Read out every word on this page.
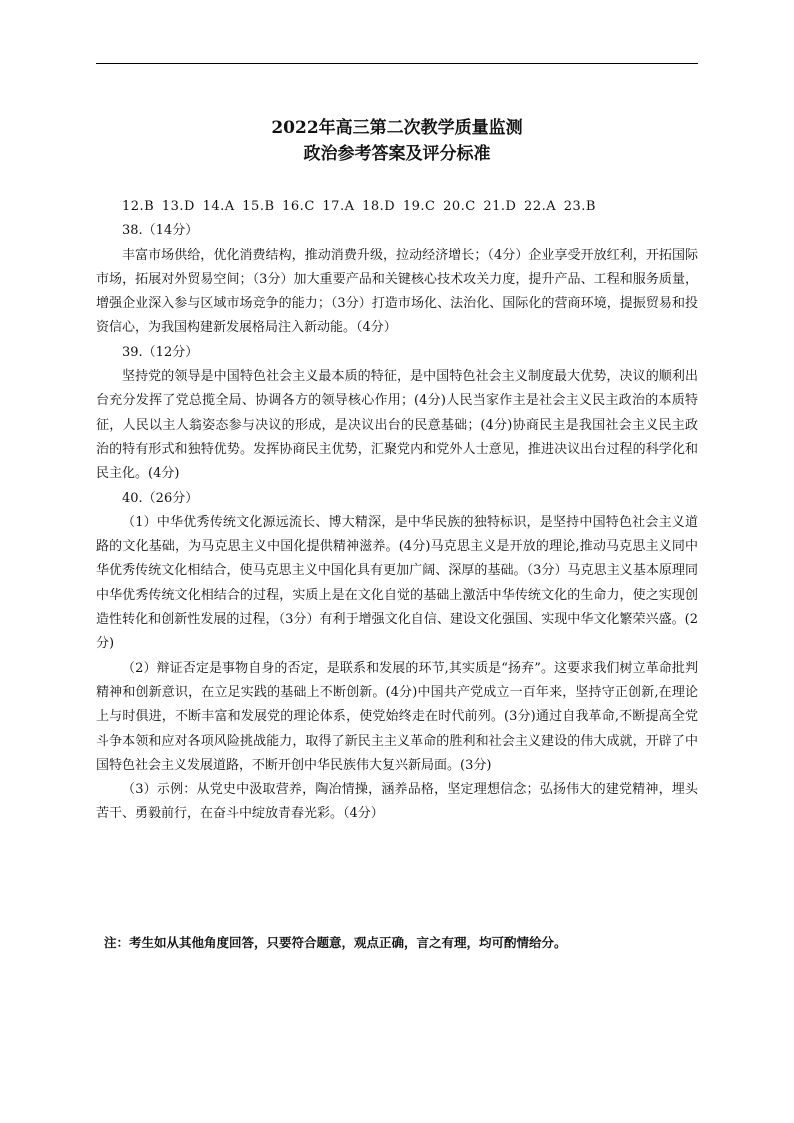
2022年高三第二次教学质量监测
政治参考答案及评分标准

12.B 13.D 14.A 15.B 16.C 17.A 18.D 19.C 20.C 21.D 22.A 23.B

38.（14分）

丰富市场供给，优化消费结构，推动消费升级，拉动经济增长；（4分）企业享受开放红利，开拓国际市场，拓展对外贸易空间；（3分）加大重要产品和关键核心技术攻关力度，提升产品、工程和服务质量，增强企业深入参与区域市场竞争的能力；（3分）打造市场化、法治化、国际化的营商环境，提振贸易和投资信心，为我国构建新发展格局注入新动能。（4分）

39.（12分）

坚持党的领导是中国特色社会主义最本质的特征，是中国特色社会主义制度最大优势，决议的顺利出台充分发挥了党总揽全局、协调各方的领导核心作用；(4分)人民当家作主是社会主义民主政治的本质特征，人民以主人翁姿态参与决议的形成，是决议出台的民意基础；(4分)协商民主是我国社会主义民主政治的特有形式和独特优势。发挥协商民主优势，汇聚党内和党外人士意见，推进决议出台过程的科学化和民主化。(4分)

40.（26分）

（1）中华优秀传统文化源远流长、博大精深，是中华民族的独特标识，是坚持中国特色社会主义道路的文化基础，为马克思主义中国化提供精神滋养。(4分)马克思主义是开放的理论,推动马克思主义同中华优秀传统文化相结合，使马克思主义中国化具有更加广阔、深厚的基础。（3分）马克思主义基本原理同中华优秀传统文化相结合的过程，实质上是在文化自觉的基础上激活中华传统文化的生命力，使之实现创造性转化和创新性发展的过程，（3分）有利于增强文化自信、建设文化强国、实现中华文化繁荣兴盛。(2分)

（2）辩证否定是事物自身的否定，是联系和发展的环节,其实质是“扬弃”。这要求我们树立革命批判精神和创新意识，在立足实践的基础上不断创新。(4分)中国共产党成立一百年来，坚持守正创新,在理论上与时俱进，不断丰富和发展党的理论体系，使党始终走在时代前列。(3分)通过自我革命,不断提高全党斗争本领和应对各项风险挑战能力，取得了新民主主义革命的胜利和社会主义建设的伟大成就，开辟了中国特色社会主义发展道路，不断开创中华民族伟大复兴新局面。(3分)

（3）示例：从党史中汲取营养，陶冶情操，涵养品格，坚定理想信念；弘扬伟大的建党精神，埋头苦干、勇毅前行，在奋斗中绽放青春光彩。（4分）

注：考生如从其他角度回答，只要符合题意，观点正确，言之有理，均可酌情给分。
